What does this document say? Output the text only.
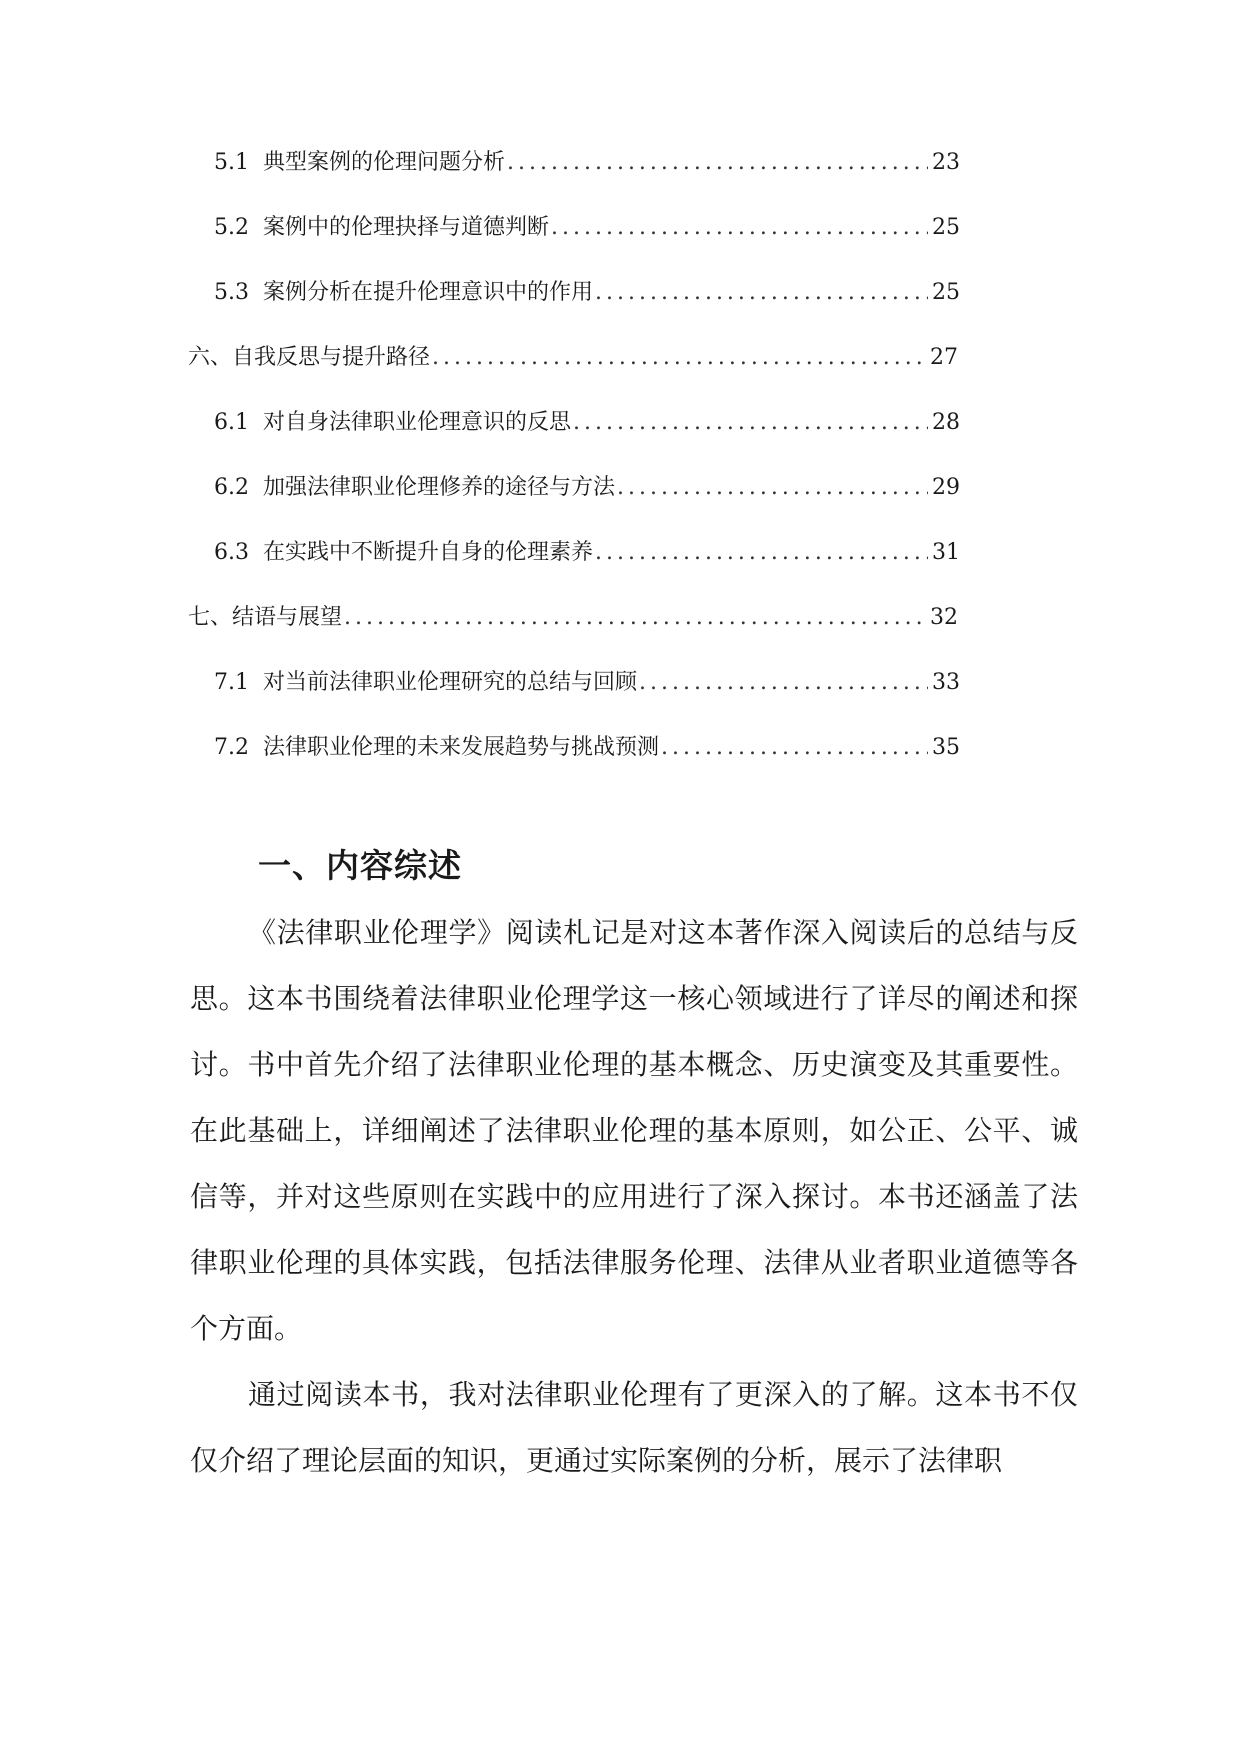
5.1 典型案例的伦理问题分析 .....	23
5.2 案例中的伦理抉择与道德判断 .....	25
5.3 案例分析在提升伦理意识中的作用 .....	25
六、 自我反思与提升路径 .....	27
6.1 对自身法律职业伦理意识的反思 .....	28
6.2 加强法律职业伦理修养的途径与方法 .....	29
6.3 在实践中不断提升自身的伦理素养 .....	31
七、 结语与展望 .....	32
7.1 对当前法律职业伦理研究的总结与回顾 .....	33
7.2 法律职业伦理的未来发展趋势与挑战预测 .....	35
一、内容综述

《法律职业伦理学》阅读札记是对这本著作深入阅读后的总结与反思。这本书围绕着法律职业伦理学这一核心领域进行了详尽的阐述和探讨。书中首先介绍了法律职业伦理的基本概念、历史演变及其重要性。在此基础上，详细阐述了法律职业伦理的基本原则，如公正、公平、诚信等，并对这些原则在实践中的应用进行了深入探讨。本书还涵盖了法律职业伦理的具体实践，包括法律服务伦理、法律从业者职业道德等各个方面。

通过阅读本书，我对法律职业伦理有了更深入的了解。这本书不仅仅介绍了理论层面的知识，更通过实际案例的分析，展示了法律职
